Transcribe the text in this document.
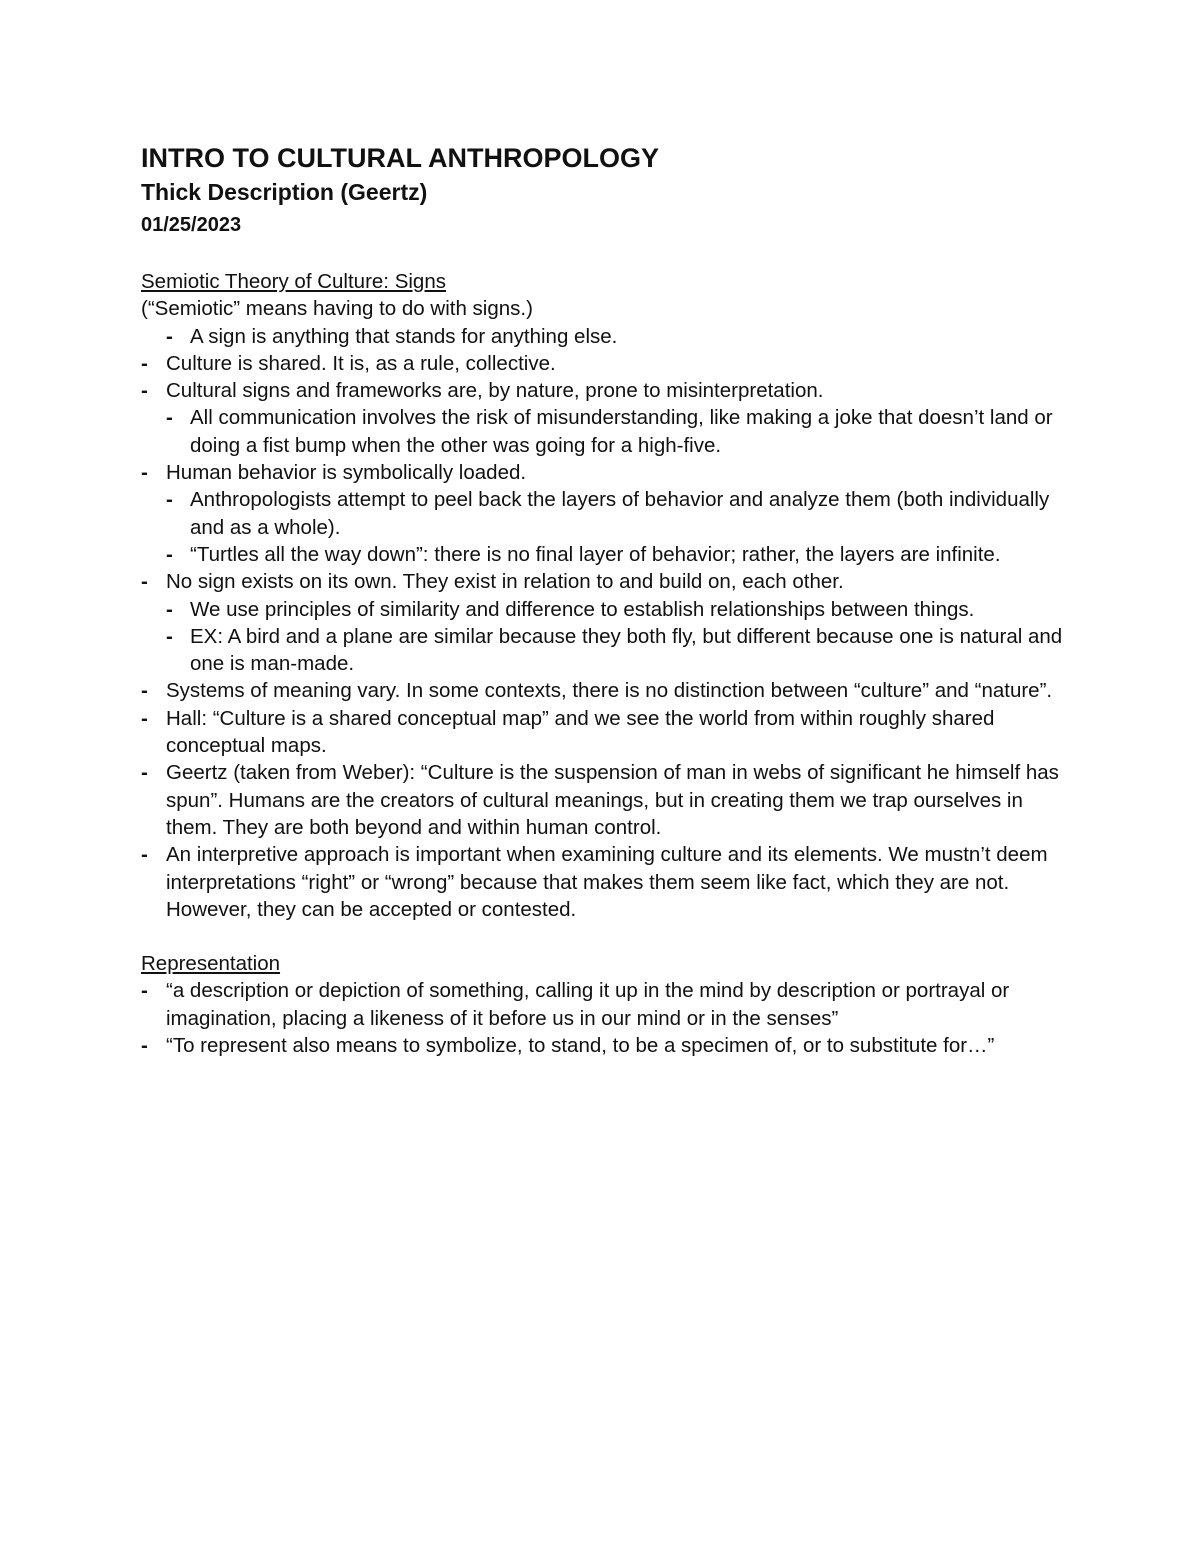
INTRO TO CULTURAL ANTHROPOLOGY
Thick Description (Geertz)
01/25/2023
Semiotic Theory of Culture: Signs
(“Semiotic” means having to do with signs.)
- A sign is anything that stands for anything else.
- Culture is shared. It is, as a rule, collective.
- Cultural signs and frameworks are, by nature, prone to misinterpretation.
- All communication involves the risk of misunderstanding, like making a joke that doesn’t land or doing a fist bump when the other was going for a high-five.
- Human behavior is symbolically loaded.
- Anthropologists attempt to peel back the layers of behavior and analyze them (both individually and as a whole).
- “Turtles all the way down”: there is no final layer of behavior; rather, the layers are infinite.
- No sign exists on its own. They exist in relation to and build on, each other.
- We use principles of similarity and difference to establish relationships between things.
- EX: A bird and a plane are similar because they both fly, but different because one is natural and one is man-made.
- Systems of meaning vary. In some contexts, there is no distinction between “culture” and “nature”.
- Hall: “Culture is a shared conceptual map” and we see the world from within roughly shared conceptual maps.
- Geertz (taken from Weber): “Culture is the suspension of man in webs of significant he himself has spun”. Humans are the creators of cultural meanings, but in creating them we trap ourselves in them. They are both beyond and within human control.
- An interpretive approach is important when examining culture and its elements. We mustn’t deem interpretations “right” or “wrong” because that makes them seem like fact, which they are not. However, they can be accepted or contested.
Representation
- “a description or depiction of something, calling it up in the mind by description or portrayal or imagination, placing a likeness of it before us in our mind or in the senses”
- “To represent also means to symbolize, to stand, to be a specimen of, or to substitute for…”
